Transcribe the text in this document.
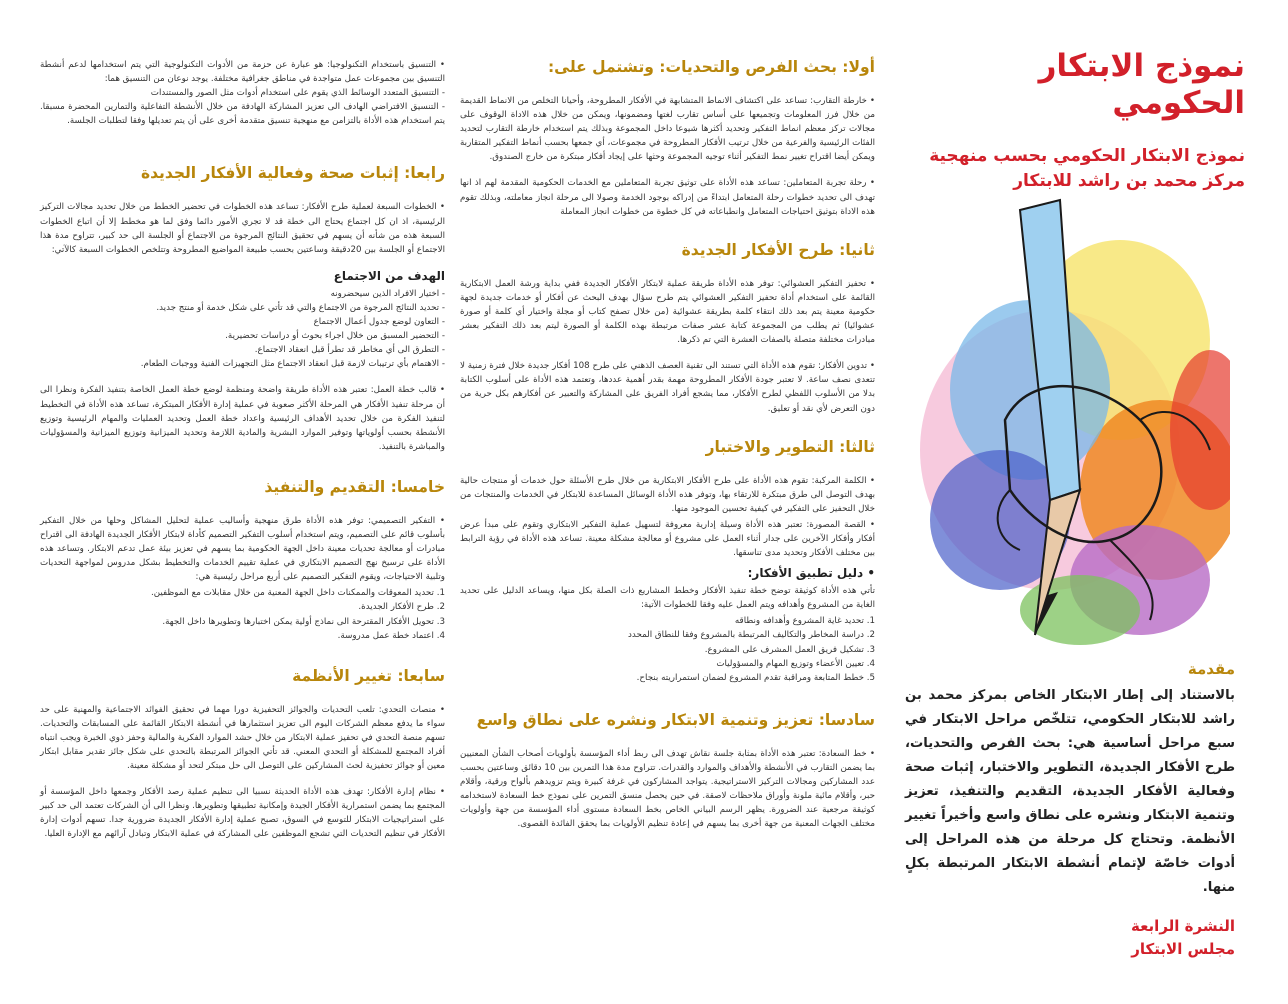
نموذج الابتكار الحكومي

نموذج الابتكار الحكومي بحسب منهجية

مركز محمد بن راشد للابتكار

مقدمة
بالاستناد إلى إطار الابتكار الخاص بمركز محمد بن راشد للابتكار الحكومي، تتلخّص مراحل الابتكار في سبع مراحل أساسية هي: بحث الفرص والتحديات، طرح الأفكار الجديدة، التطوير والاختبار، إثبات صحة وفعالية الأفكار الجديدة، التقديم والتنفيذ، تعزيز وتنمية الابتكار ونشره على نطاق واسع وأخيراً تغيير الأنظمة. وتحتاج كل مرحلة من هذه المراحل إلى أدوات خاصّة لإتمام أنشطة الابتكار المرتبطة بكلٍ منها.
النشرة الرابعة
مجلس الابتكار
أولا: بحث الفرص والتحديات: وتشتمل على:

• خارطة التقارب: تساعد على اكتشاف الانماط المتشابهة في الأفكار المطروحة، وأحيانا التخلص من الانماط القديمة من خلال فرز المعلومات وتجميعها على أساس تقارب لغتها ومضمونها، ويمكن من خلال هذه الاداة الوقوف على مجالات تركز معظم انماط التفكير وتحديد أكثرها شيوعا داخل المجموعة وبذلك يتم استخدام خارطة التقارب لتحديد الفئات الرئيسية والفرعية من خلال ترتيب الأفكار المطروحة في مجموعات، أي جمعها بحسب أنماط التفكير المتقاربة ويمكن أيضا اقتراح تغيير نمط التفكير أثناء توجيه المجموعة وحثها على إيجاد أفكار مبتكرة من خارج الصندوق.

• رحلة تجربة المتعاملين: تساعد هذه الأداة على توثيق تجربة المتعاملين مع الخدمات الحكومية المقدمة لهم اذ انها تهدف الى تحديد خطوات رحلة المتعامل ابتداءً من إدراكه بوجود الخدمة وصولا الى مرحلة انجاز معاملته، وبذلك تقوم هذه الاداة بتوثيق احتياجات المتعامل وانطباعاته في كل خطوة من خطوات انجاز المعاملة

ثانيا: طرح الأفكار الجديدة

• تحفيز التفكير العشوائي: توفر هذه الأداة طريقة عملية لابتكار الأفكار الجديدة ففي بداية ورشة العمل الابتكارية القائمة على استخدام أداة تحفيز التفكير العشوائي يتم طرح سؤال بهدف البحث عن أفكار أو خدمات جديدة لجهة حكومية معينة يتم بعد ذلك انتقاء كلمة بطريقة عشوائية (من خلال تصفح كتاب أو مجلة واختيار أي كلمة أو صورة عشوائيا) ثم يطلب من المجموعة كتابة عشر صفات مرتبطة بهذه الكلمة أو الصورة ليتم بعد ذلك التفكير بعشر مبادرات مختلفة متصلة بالصفات العشرة التي تم ذكرها.

• تدوين الأفكار: تقوم هذه الأداة التي تستند الى تقنية العصف الذهني على طرح 108 أفكار جديدة خلال فترة زمنية لا تتعدى نصف ساعة. لا تعتبر جودة الأفكار المطروحة مهمة بقدر أهمية عددها، وتعتمد هذه الأداة على أسلوب الكتابة بدلا من الأسلوب اللفظي لطرح الأفكار، مما يشجع أفراد الفريق على المشاركة والتعبير عن أفكارهم بكل حرية من دون التعرض لأي نقد أو تعليق.

ثالثا: التطوير والاختبار

• الكلمة المركبة: تقوم هذه الأداة على طرح الأفكار الابتكارية من خلال طرح الأسئلة حول خدمات أو منتجات حالية بهدف التوصل الى طرق مبتكرة للارتقاء بها، وتوفر هذه الأداة الوسائل المساعدة للابتكار في الخدمات والمنتجات من خلال التحفيز على التفكير في كيفية تحسين الموجود منها.

• القصة المصورة: تعتبر هذه الأداة وسيلة إدارية معروفة لتسهيل عملية التفكير الابتكاري وتقوم على مبدأ عرض أفكار وأفكار الآخرين على جدار أثناء العمل على مشروع أو معالجة مشكلة معينة. تساعد هذه الأداة في رؤية الترابط بين مختلف الأفكار وتحديد مدى تناسقها.

• دليل تطبيق الأفكار:

تأتي هذه الأداة كوثيقة توضح خطة تنفيذ الأفكار وخطط المشاريع ذات الصلة بكل منها، ويساعد الدليل على تحديد الغاية من المشروع وأهدافه ويتم العمل عليه وفقا للخطوات الآتية:

1. تحديد غاية المشروع وأهدافه ونطاقه

2. دراسة المخاطر والتكاليف المرتبطة بالمشروع وفقا للنطاق المحدد

3. تشكيل فريق العمل المشرف على المشروع.

4. تعيين الأعضاء وتوزيع المهام والمسؤوليات

5. خطط المتابعة ومراقبة تقدم المشروع لضمان استمراريته بنجاح.

سادسا: تعزيز وتنمية الابتكار ونشره على نطاق واسع

• خط السعادة: تعتبر هذه الأداة بمثابة جلسة نقاش تهدف الى ربط أداء المؤسسة بأولويات أصحاب الشأن المعنيين بما يضمن التقارب في الأنشطة والأهداف والموارد والقدرات. تتراوح مدة هذا التمرين بين 10 دقائق وساعتين بحسب عدد المشاركين ومجالات التركيز الاستراتيجية. يتواجد المشاركون في غرفة كبيرة ويتم تزويدهم بألواح ورقية، وأقلام حبر، وأقلام مائية ملونة وأوراق ملاحظات لاصقة. في حين يحصل منسق التمرين على نموذج خط السعادة لاستخدامه كوثيقة مرجعية عند الضرورة. يظهر الرسم البياني الخاص بخط السعادة مستوى أداء المؤسسة من جهة وأولويات مختلف الجهات المعنية من جهة أخرى بما يسهم في إعادة تنظيم الأولويات بما يحقق الفائدة القصوى.

• التنسيق باستخدام التكنولوجيا: هو عبارة عن حزمة من الأدوات التكنولوجية التي يتم استخدامها لدعم أنشطة التنسيق بين مجموعات عمل متواجدة في مناطق جغرافية مختلفة. يوجد نوعان من التنسيق هما:

- التنسيق المتعدد الوسائط الذي يقوم على استخدام أدوات مثل الصور والمستندات

- التنسيق الافتراضي الهادف الى تعزيز المشاركة الهادفة من خلال الأنشطة التفاعلية والتمارين المحضرة مسبقا. يتم استخدام هذه الأداة بالتزامن مع منهجية تنسيق متقدمة أخرى على أن يتم تعديلها وفقا لتطلبات الجلسة.

رابعا: إثبات صحة وفعالية الأفكار الجديدة

• الخطوات السبعة لعملية طرح الأفكار: تساعد هذه الخطوات في تحضير الخطط من خلال تحديد مجالات التركيز الرئيسية، اذ ان كل اجتماع يحتاج الى خطة قد لا تجري الأمور دائما وفق لما هو مخطط إلا أن اتباع الخطوات السبعة هذه من شأنه أن يسهم في تحقيق النتائج المرجوة من الاجتماع أو الجلسة الى حد كبير، تتراوح مدة هذا الاجتماع أو الجلسة بين 20دقيقة وساعتين بحسب طبيعة المواضيع المطروحة وتتلخص الخطوات السبعة كالآتي:

الهدف من الاجتماع

- اختيار الافراد الذين سيحضرونه

- تحديد النتائج المرجوة من الاجتماع والتي قد تأتي على شكل خدمة أو منتج جديد.

- التعاون لوضع جدول أعمال الاجتماع

- التحضير المسبق من خلال اجراء بحوث أو دراسات تحضيرية.

- التطرق الى أي مخاطر قد تطرأ قبل انعقاد الاجتماع.

- الاهتمام بأي ترتيبات لازمة قبل انعقاد الاجتماع مثل التجهيزات الفنية ووجبات الطعام.

• قالب خطة العمل: تعتبر هذه الأداة طريقة واضحة ومنظمة لوضع خطة العمل الخاصة بتنفيذ الفكرة ونظرا الى أن مرحلة تنفيذ الأفكار هي المرحلة الأكثر صعوبة في عملية إدارة الأفكار المبتكرة، تساعد هذه الأداة في التخطيط لتنفيذ الفكرة من خلال تحديد الأهداف الرئيسية واعداد خطة العمل وتحديد العمليات والمهام الرئيسية وتوزيع الأنشطة بحسب أولوياتها وتوفير الموارد البشرية والمادية اللازمة وتحديد الميزانية وتوزيع الميزانية والمسؤوليات والمباشرة بالتنفيذ.

خامسا: التقديم والتنفيذ

• التفكير التصميمي: توفر هذه الأداة طرق منهجية وأساليب عملية لتحليل المشاكل وحلها من خلال التفكير بأسلوب قائم على التصميم، ويتم استخدام أسلوب التفكير التصميم كأداة لابتكار الأفكار الجديدة الهادفة الى اقتراح مبادرات أو معالجة تحديات معينة داخل الجهة الحكومية بما يسهم في تعزيز بيئة عمل تدعم الابتكار. وتساعد هذه الأداة على ترسيخ نهج التصميم الابتكاري في عملية تقييم الخدمات والتخطيط بشكل مدروس لمواجهة التحديات وتلبية الاحتياجات، ويقوم التفكير التصميم على أربع مراحل رئيسية هي:

1. تحديد المعوقات والممكنات داخل الجهة المعنية من خلال مقابلات مع الموظفين.

2. طرح الأفكار الجديدة.

3. تحويل الأفكار المقترحة الى نماذج أولية يمكن اختبارها وتطويرها داخل الجهة.

4. اعتماد خطة عمل مدروسة.

سابعا: تغيير الأنظمة

• منصات التحدي: تلعب التحديات والجوائز التحفيزية دورا مهما في تحقيق الفوائد الاجتماعية والمهنية على حد سواء ما يدفع معظم الشركات اليوم الى تعزيز استثمارها في أنشطة الابتكار القائمة على المسابقات والتحديات. تسهم منصة التحدي في تحفيز عملية الابتكار من خلال حشد الموارد الفكرية والمالية وحفز ذوي الخبرة ويجب انتباه أفراد المجتمع للمشكلة أو التحدي المعني. قد تأتي الجوائز المرتبطة بالتحدي على شكل جائز تقدير مقابل ابتكار معين أو جوائز تحفيزية لحث المشاركين على التوصل الى حل مبتكر لتحد أو مشكلة معينة.

• نظام إدارة الأفكار: تهدف هذه الأداة الحديثة نسبيا الى تنظيم عملية رصد الأفكار وجمعها داخل المؤسسة أو المجتمع بما يضمن استمرارية الأفكار الجيدة وإمكانية تطبيقها وتطويرها. ونظرا الى أن الشركات تعتمد الى حد كبير على استراتيجيات الابتكار للتوسع في السوق، تصبح عملية إدارة الأفكار الجديدة ضرورية جدا. تسهم أدوات إدارة الأفكار في تنظيم التحديات التي تشجع الموظفين على المشاركة في عملية الابتكار وتبادل آرائهم مع الإدارة العليا.
